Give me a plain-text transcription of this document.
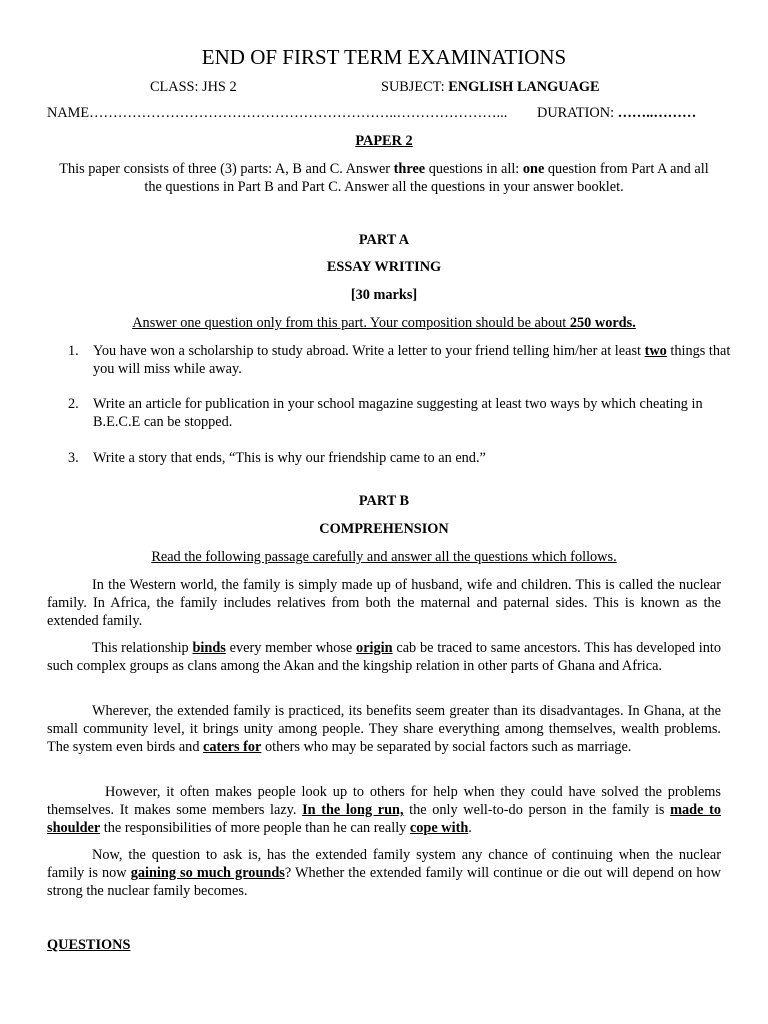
END OF FIRST TERM EXAMINATIONS
CLASS: JHS 2	SUBJECT: ENGLISH LANGUAGE
NAME………………………………………………………..…………………... DURATION: ……..………
PAPER 2
This paper consists of three (3) parts: A, B and C. Answer three questions in all: one question from Part A and all the questions in Part B and Part C. Answer all the questions in your answer booklet.
PART A
ESSAY WRITING
[30 marks]
Answer one question only from this part. Your composition should be about 250 words.
1. You have won a scholarship to study abroad. Write a letter to your friend telling him/her at least two things that you will miss while away.
2. Write an article for publication in your school magazine suggesting at least two ways by which cheating in B.E.C.E can be stopped.
3. Write a story that ends, “This is why our friendship came to an end.”
PART B
COMPREHENSION
Read the following passage carefully and answer all the questions which follows.
In the Western world, the family is simply made up of husband, wife and children. This is called the nuclear family. In Africa, the family includes relatives from both the maternal and paternal sides. This is known as the extended family.
This relationship binds every member whose origin cab be traced to same ancestors. This has developed into such complex groups as clans among the Akan and the kingship relation in other parts of Ghana and Africa.
Wherever, the extended family is practiced, its benefits seem greater than its disadvantages. In Ghana, at the small community level, it brings unity among people. They share everything among themselves, wealth problems. The system even birds and caters for others who may be separated by social factors such as marriage.
However, it often makes people look up to others for help when they could have solved the problems themselves. It makes some members lazy. In the long run, the only well-to-do person in the family is made to shoulder the responsibilities of more people than he can really cope with.
Now, the question to ask is, has the extended family system any chance of continuing when the nuclear family is now gaining so much grounds? Whether the extended family will continue or die out will depend on how strong the nuclear family becomes.
QUESTIONS
